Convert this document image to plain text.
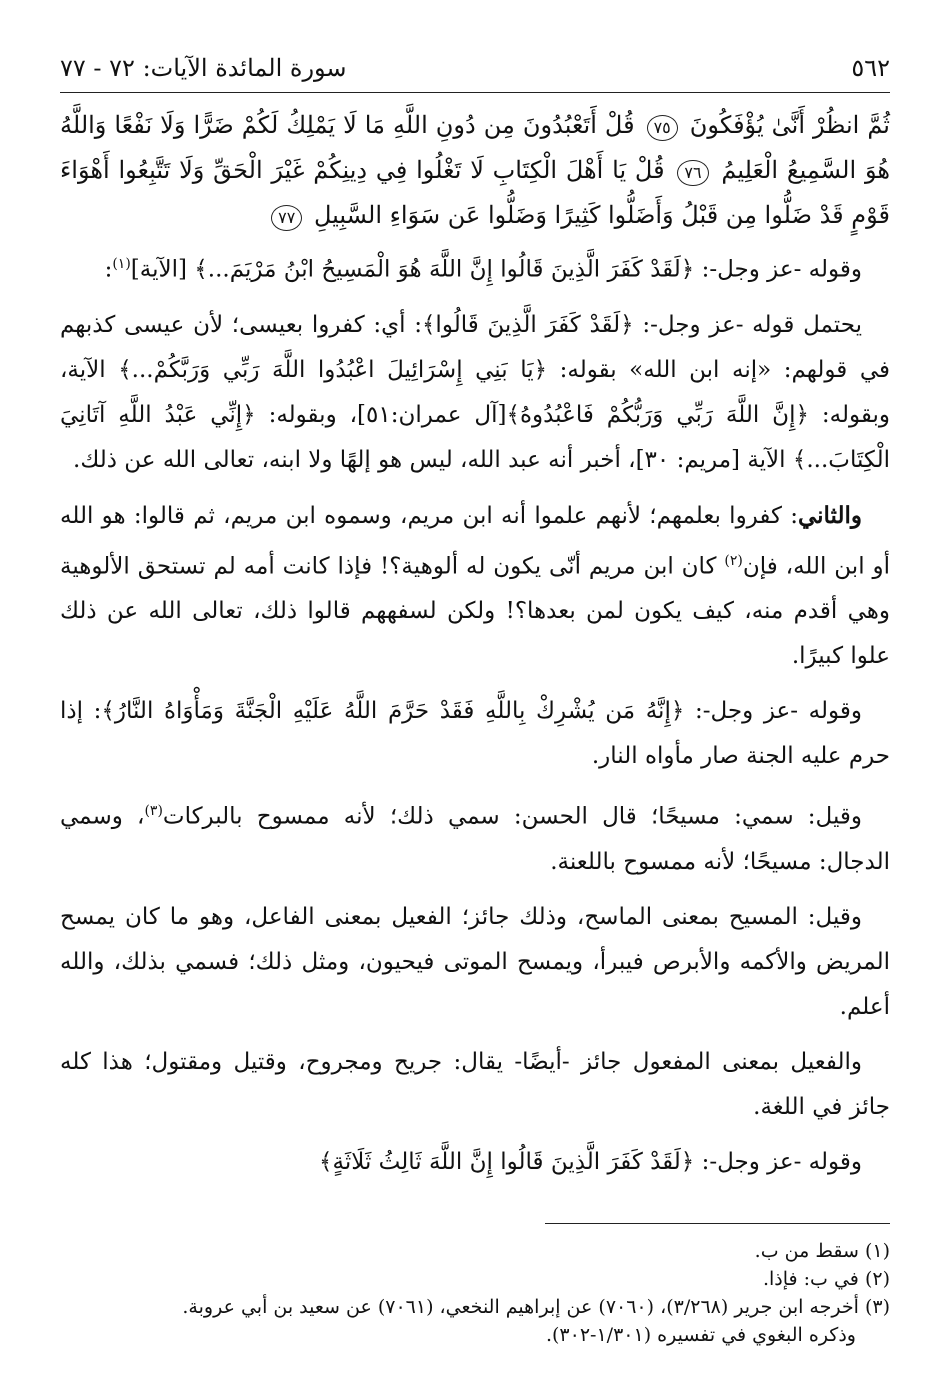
٥٦٢
سورة المائدة الآيات: ٧٢ - ٧٧
ثُمَّ انظُرْ أَنَّىٰ يُؤْفَكُونَ ٧٥ قُلْ أَتَعْبُدُونَ مِن دُونِ اللَّهِ مَا لَا يَمْلِكُ لَكُمْ ضَرًّا وَلَا نَفْعًا وَاللَّهُ هُوَ السَّمِيعُ الْعَلِيمُ ٧٦ قُلْ يَا أَهْلَ الْكِتَابِ لَا تَغْلُوا فِي دِينِكُمْ غَيْرَ الْحَقِّ وَلَا تَتَّبِعُوا أَهْوَاءَ قَوْمٍ قَدْ ضَلُّوا مِن قَبْلُ وَأَضَلُّوا كَثِيرًا وَضَلُّوا عَن سَوَاءِ السَّبِيلِ ٧٧

وقوله -عز وجل-: ﴿لَقَدْ كَفَرَ الَّذِينَ قَالُوا إِنَّ اللَّهَ هُوَ الْمَسِيحُ ابْنُ مَرْيَمَ...﴾ [الآية]$^{(١)}$:

يحتمل قوله -عز وجل-: ﴿لَقَدْ كَفَرَ الَّذِينَ قَالُوا﴾: أي: كفروا بعيسى؛ لأن عيسى كذبهم في قولهم: «إنه ابن الله» بقوله: ﴿يَا بَنِي إِسْرَائِيلَ اعْبُدُوا اللَّهَ رَبِّي وَرَبَّكُمْ...﴾ الآية، وبقوله: ﴿إِنَّ اللَّهَ رَبِّي وَرَبُّكُمْ فَاعْبُدُوهُ﴾[آل عمران:٥١]، وبقوله: ﴿إِنِّي عَبْدُ اللَّهِ آتَانِيَ الْكِتَابَ...﴾ الآية [مريم: ٣٠]، أخبر أنه عبد الله، ليس هو إلهًا ولا ابنه، تعالى الله عن ذلك.

والثاني: كفروا بعلمهم؛ لأنهم علموا أنه ابن مريم، وسموه ابن مريم، ثم قالوا: هو الله أو ابن الله، فإن$^{(٢)}$ كان ابن مريم أنّى يكون له ألوهية؟! فإذا كانت أمه لم تستحق الألوهية وهي أقدم منه، كيف يكون لمن بعدها؟! ولكن لسفههم قالوا ذلك، تعالى الله عن ذلك علوا كبيرًا.

وقوله -عز وجل-: ﴿إِنَّهُ مَن يُشْرِكْ بِاللَّهِ فَقَدْ حَرَّمَ اللَّهُ عَلَيْهِ الْجَنَّةَ وَمَأْوَاهُ النَّارُ﴾: إذا حرم عليه الجنة صار مأواه النار.

وقيل: سمي: مسيحًا؛ قال الحسن: سمي ذلك؛ لأنه ممسوح بالبركات$^{(٣)}$، وسمي الدجال: مسيحًا؛ لأنه ممسوح باللعنة.

وقيل: المسيح بمعنى الماسح، وذلك جائز؛ الفعيل بمعنى الفاعل، وهو ما كان يمسح المريض والأكمه والأبرص فيبرأ، ويمسح الموتى فيحيون، ومثل ذلك؛ فسمي بذلك، والله أعلم.

والفعيل بمعنى المفعول جائز -أيضًا- يقال: جريح ومجروح، وقتيل ومقتول؛ هذا كله جائز في اللغة.

وقوله -عز وجل-: ﴿لَقَدْ كَفَرَ الَّذِينَ قَالُوا إِنَّ اللَّهَ ثَالِثُ ثَلَاثَةٍ﴾

(١) سقط من ب.
(٢) في ب: فإذا.
(٣) أخرجه ابن جرير (٣/٢٦٨)، (٧٠٦٠) عن إبراهيم النخعي، (٧٠٦١) عن سعيد بن أبي عروبة.
وذكره البغوي في تفسيره (١/٣٠١-٣٠٢).
